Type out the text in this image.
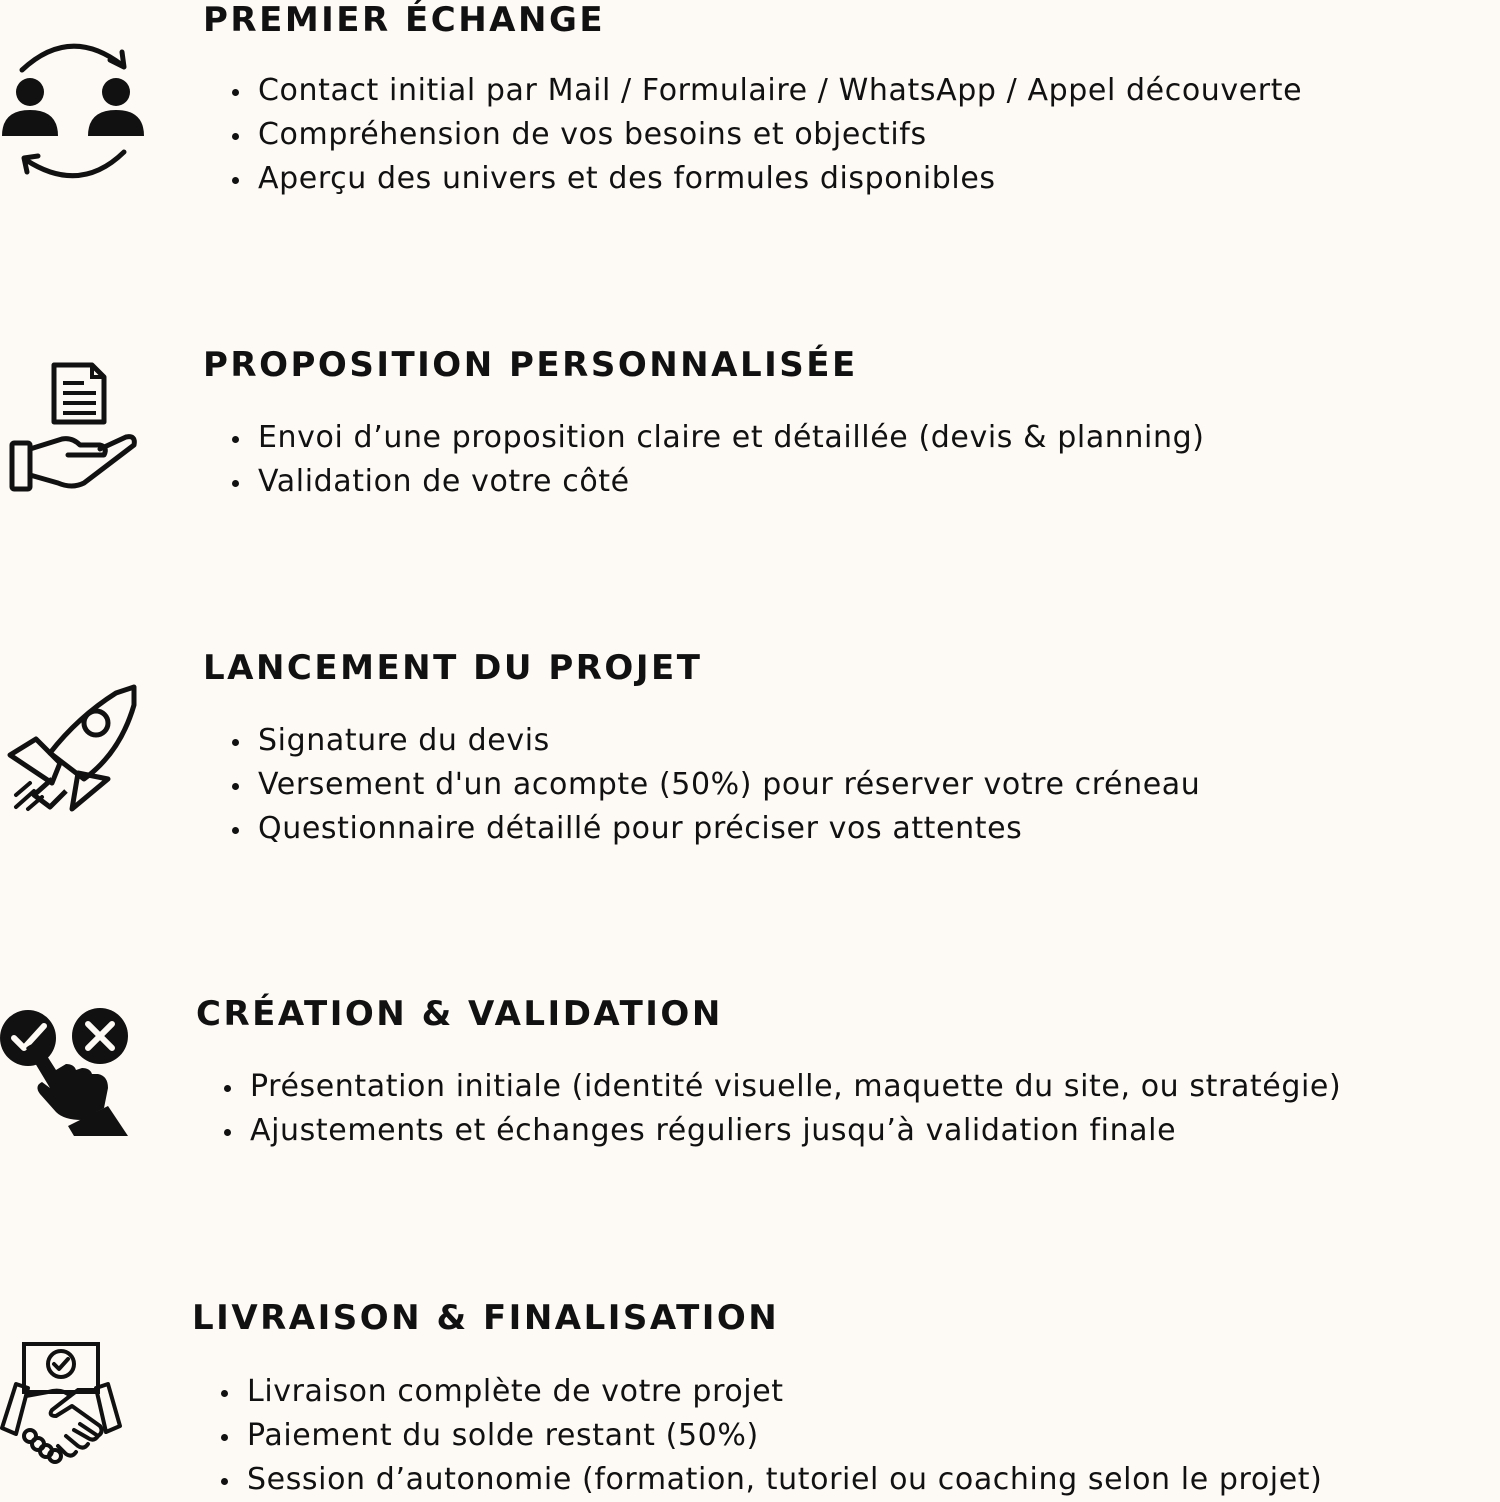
PREMIER ÉCHANGE
Contact initial par Mail / Formulaire / WhatsApp / Appel découverte
Compréhension de vos besoins et objectifs
Aperçu des univers et des formules disponibles
PROPOSITION PERSONNALISÉE
Envoi d’une proposition claire et détaillée (devis & planning)
Validation de votre côté
LANCEMENT DU PROJET
Signature du devis
Versement d'un acompte (50%) pour réserver votre créneau
Questionnaire détaillé pour préciser vos attentes
CRÉATION & VALIDATION
Présentation initiale (identité visuelle, maquette du site, ou stratégie)
Ajustements et échanges réguliers jusqu’à validation finale
LIVRAISON & FINALISATION
Livraison complète de votre projet
Paiement du solde restant (50%)
Session d’autonomie (formation, tutoriel ou coaching selon le projet)
